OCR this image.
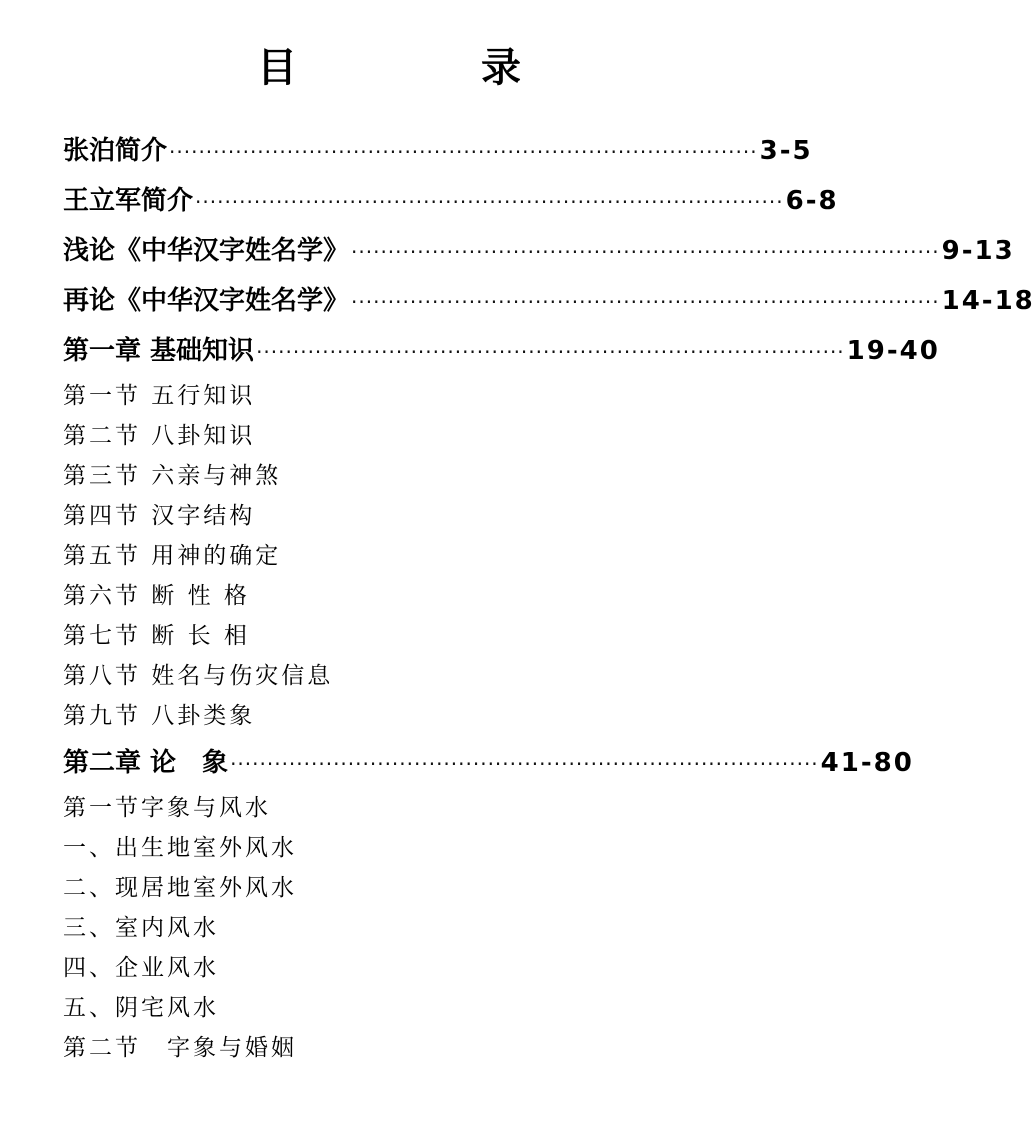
目　录
张泊简介 ················································································ 3-5
王立军简介 ················································································ 6-8
浅论《中华汉字姓名学》 ················································································ 9-13
再论《中华汉字姓名学》 ················································································ 14-18
第一章 基础知识 ················································································ 19-40
第一节 五行知识
第二节 八卦知识
第三节 六亲与神煞
第四节 汉字结构
第五节 用神的确定
第六节 断 性 格
第七节 断 长 相
第八节 姓名与伤灾信息
第九节 八卦类象
第二章 论　象 ················································································ 41-80
第一节字象与风水
一、出生地室外风水
二、现居地室外风水
三、室内风水
四、企业风水
五、阴宅风水
第二节　字象与婚姻
